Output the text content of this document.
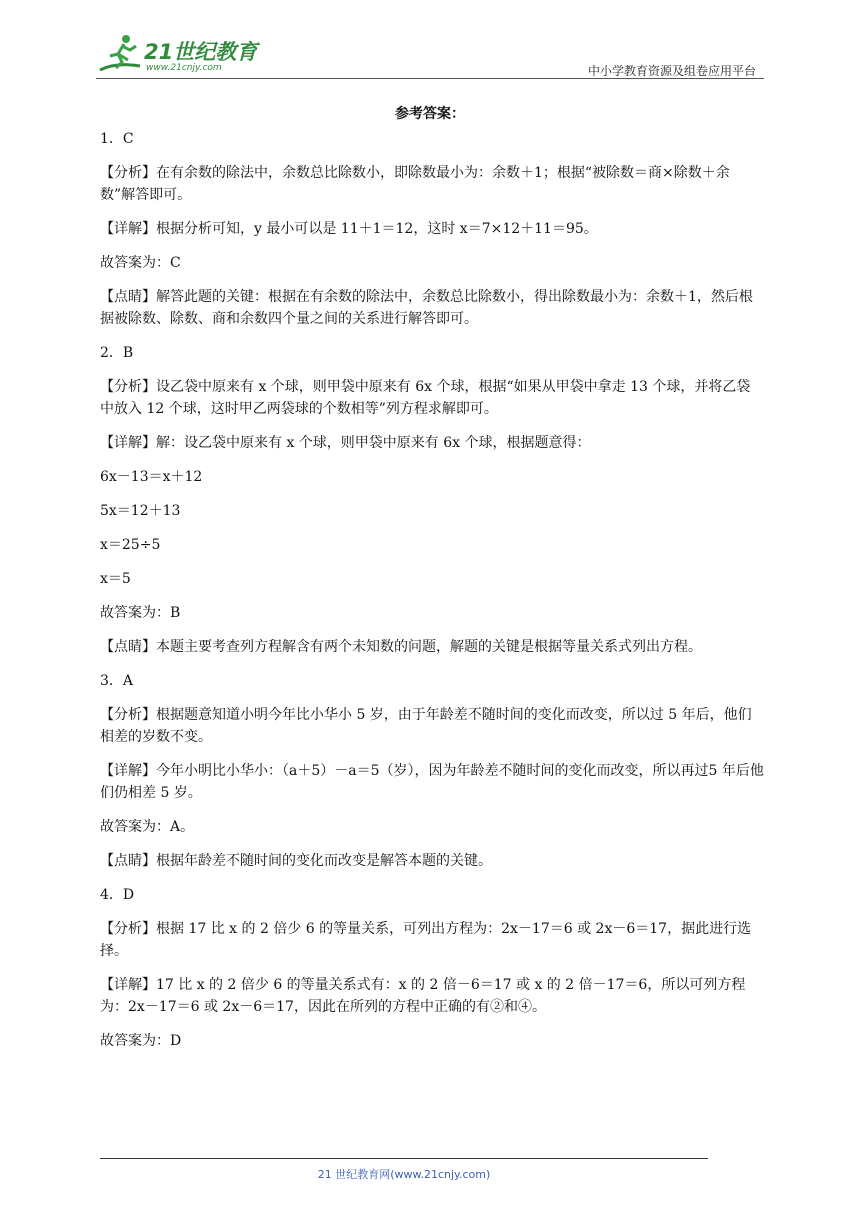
21世纪教育
www.21cnjy.com	中小学教育资源及组卷应用平台
参考答案：
1．C
【分析】在有余数的除法中，余数总比除数小，即除数最小为：余数＋1；根据“被除数＝商×除数＋余数”解答即可。
【详解】根据分析可知，y 最小可以是 11＋1＝12，这时 x＝7×12＋11＝95。
故答案为：C
【点睛】解答此题的关键：根据在有余数的除法中，余数总比除数小，得出除数最小为：余数＋1，然后根据被除数、除数、商和余数四个量之间的关系进行解答即可。
2．B
【分析】设乙袋中原来有 x 个球，则甲袋中原来有 6x 个球，根据“如果从甲袋中拿走 13 个球，并将乙袋中放入 12 个球，这时甲乙两袋球的个数相等”列方程求解即可。
【详解】解：设乙袋中原来有 x 个球，则甲袋中原来有 6x 个球，根据题意得：
6x－13＝x＋12
5x＝12＋13
x＝25÷5
x＝5
故答案为：B
【点睛】本题主要考查列方程解含有两个未知数的问题，解题的关键是根据等量关系式列出方程。
3．A
【分析】根据题意知道小明今年比小华小 5 岁，由于年龄差不随时间的变化而改变，所以过 5 年后，他们相差的岁数不变。
【详解】今年小明比小华小：（a＋5）－a＝5（岁），因为年龄差不随时间的变化而改变，所以再过5 年后他们仍相差 5 岁。
故答案为：A。
【点睛】根据年龄差不随时间的变化而改变是解答本题的关键。
4．D
【分析】根据 17 比 x 的 2 倍少 6 的等量关系，可列出方程为：2x－17＝6 或 2x－6＝17，据此进行选择。
【详解】17 比 x 的 2 倍少 6 的等量关系式有：x 的 2 倍－6＝17 或 x 的 2 倍－17＝6，所以可列方程为：2x－17＝6 或 2x－6＝17，因此在所列的方程中正确的有②和④。
故答案为：D
21 世纪教育网(www.21cnjy.com)
